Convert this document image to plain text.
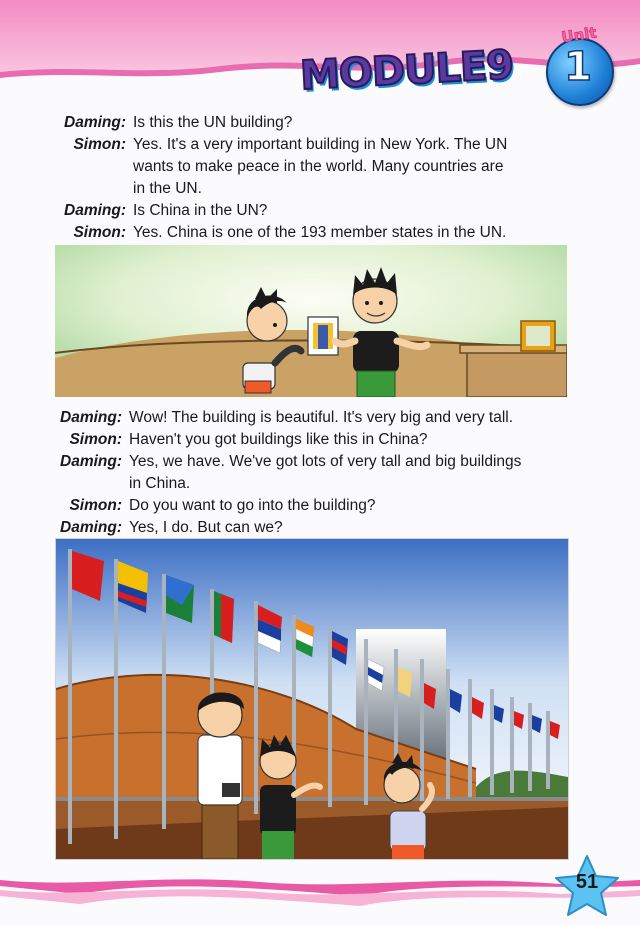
MODULE9
Unit
1
Daming: Is this the UN building?
Simon: Yes. It's a very important building in New York. The UN
wants to make peace in the world. Many countries are
in the UN.
Daming: Is China in the UN?
Simon: Yes. China is one of the 193 member states in the UN.
Daming: Wow! The building is beautiful. It's very big and very tall.
Simon: Haven't you got buildings like this in China?
Daming: Yes, we have. We've got lots of very tall and big buildings
in China.
Simon: Do you want to go into the building?
Daming: Yes, I do. But can we?
51
